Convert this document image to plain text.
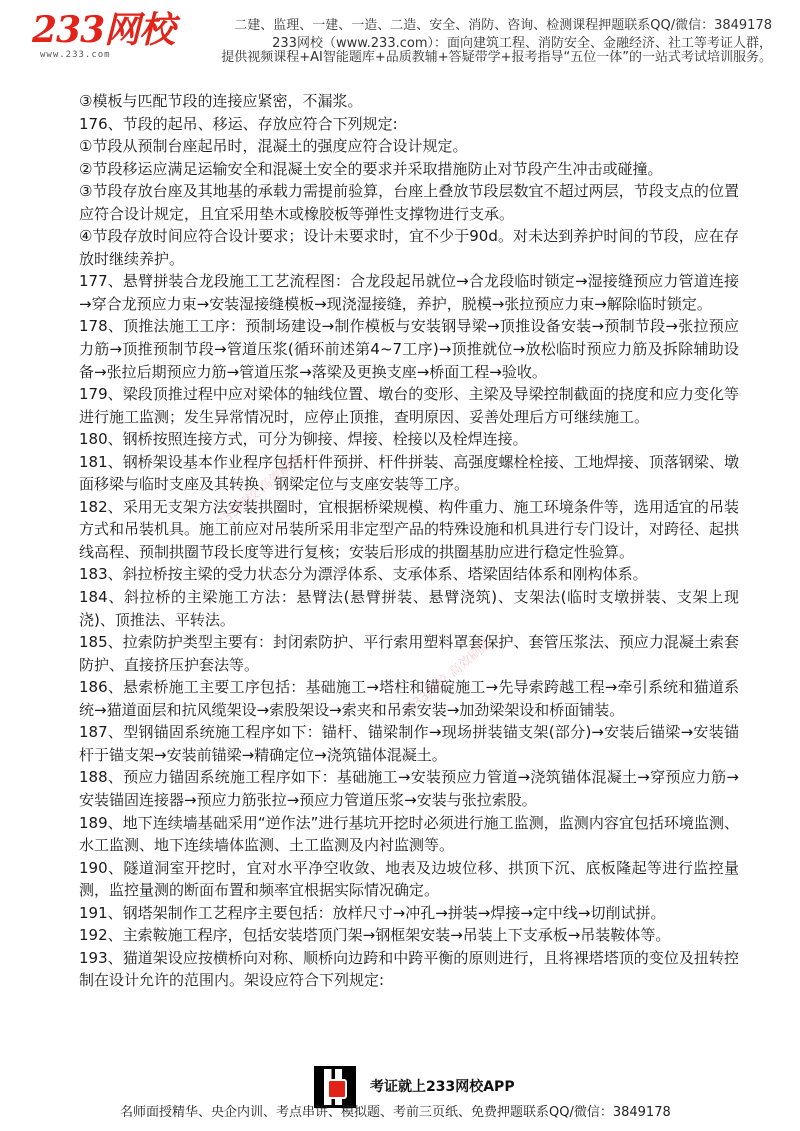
233网校
www.233.com
二建、监理、一建、一造、二造、安全、消防、咨询、检测课程押题联系QQ/微信：3849178
233网校（www.233.com）：面向建筑工程、消防安全、金融经济、社工等考证人群，
提供视频课程+AI智能题库+品质教辅+答疑带学+报考指导“五位一体”的一站式考试培训服务。

③模板与匹配节段的连接应紧密，不漏浆。

176、节段的起吊、移运、存放应符合下列规定:

①节段从预制台座起吊时，混凝土的强度应符合设计规定。

②节段移运应满足运输安全和混凝土安全的要求并采取措施防止对节段产生冲击或碰撞。

③节段存放台座及其地基的承载力需提前验算，台座上叠放节段层数宜不超过两层，节段支点的位置应符合设计规定，且宜采用垫木或橡胶板等弹性支撑物进行支承。

④节段存放时间应符合设计要求；设计未要求时，宜不少于90d。对未达到养护时间的节段，应在存放时继续养护。

177、悬臂拼装合龙段施工工艺流程图：合龙段起吊就位→合龙段临时锁定→湿接缝预应力管道连接→穿合龙预应力束→安装湿接缝模板→现浇湿接缝，养护，脱模→张拉预应力束→解除临时锁定。

178、顶推法施工工序：预制场建设→制作模板与安装钢导梁→顶推设备安装→预制节段→张拉预应力筋→顶推预制节段→管道压浆(循环前述第4~7工序)→顶推就位→放松临时预应力筋及拆除辅助设备→张拉后期预应力筋→管道压浆→落梁及更换支座→桥面工程→验收。

179、梁段顶推过程中应对梁体的轴线位置、墩台的变形、主梁及导梁控制截面的挠度和应力变化等进行施工监测；发生异常情况时，应停止顶推，查明原因、妥善处理后方可继续施工。

180、钢桥按照连接方式，可分为铆接、焊接、栓接以及栓焊连接。

181、钢桥架设基本作业程序包括杆件预拼、杆件拼装、高强度螺栓栓接、工地焊接、顶落钢梁、墩面移梁与临时支座及其转换、钢梁定位与支座安装等工序。

182、采用无支架方法安装拱圈时，宜根据桥梁规模、构件重力、施工环境条件等，选用适宜的吊装方式和吊装机具。施工前应对吊装所采用非定型产品的特殊设施和机具进行专门设计，对跨径、起拱线高程、预制拱圈节段长度等进行复核；安装后形成的拱圈基肋应进行稳定性验算。

183、斜拉桥按主梁的受力状态分为漂浮体系、支承体系、塔梁固结体系和刚构体系。

184、斜拉桥的主梁施工方法：悬臂法(悬臂拼装、悬臂浇筑)、支架法(临时支墩拼装、支架上现浇)、顶推法、平转法。

185、拉索防护类型主要有：封闭索防护、平行索用塑料罩套保护、套管压浆法、预应力混凝土索套防护、直接挤压护套法等。

186、悬索桥施工主要工序包括：基础施工→塔柱和锚碇施工→先导索跨越工程→牵引系统和猫道系统→猫道面层和抗风缆架设→索股架设→索夹和吊索安装→加劲梁架设和桥面铺装。

187、型钢锚固系统施工程序如下：锚杆、锚梁制作→现场拼装锚支架(部分)→安装后锚梁→安装锚杆于锚支架→安装前锚梁→精确定位→浇筑锚体混凝土。

188、预应力锚固系统施工程序如下：基础施工→安装预应力管道→浇筑锚体混凝土→穿预应力筋→安装锚固连接器→预应力筋张拉→预应力管道压浆→安装与张拉索股。

189、地下连续墙基础采用“逆作法”进行基坑开挖时必须进行施工监测，监测内容宜包括环境监测、水工监测、地下连续墙体监测、土工监测及内衬监测等。

190、隧道洞室开挖时，宜对水平净空收敛、地表及边坡位移、拱顶下沉、底板隆起等进行监控量测，监控量测的断面布置和频率宜根据实际情况确定。

191、钢塔架制作工艺程序主要包括：放样尺寸→冲孔→拼装→焊接→定中线→切削试拼。

192、主索鞍施工程序，包括安装塔顶门架→钢框架安装→吊装上下支承板→吊装鞍体等。

193、猫道架设应按横桥向对称、顺桥向边跨和中跨平衡的原则进行，且将裸塔塔顶的变位及扭转控制在设计允许的范围内。架设应符合下列规定:

233网校 高效刷题
233网校 高效刷题
考证就上233网校APP
名师面授精华、央企内训、考点串讲、模拟题、考前三页纸、免费押题联系QQ/微信：3849178
